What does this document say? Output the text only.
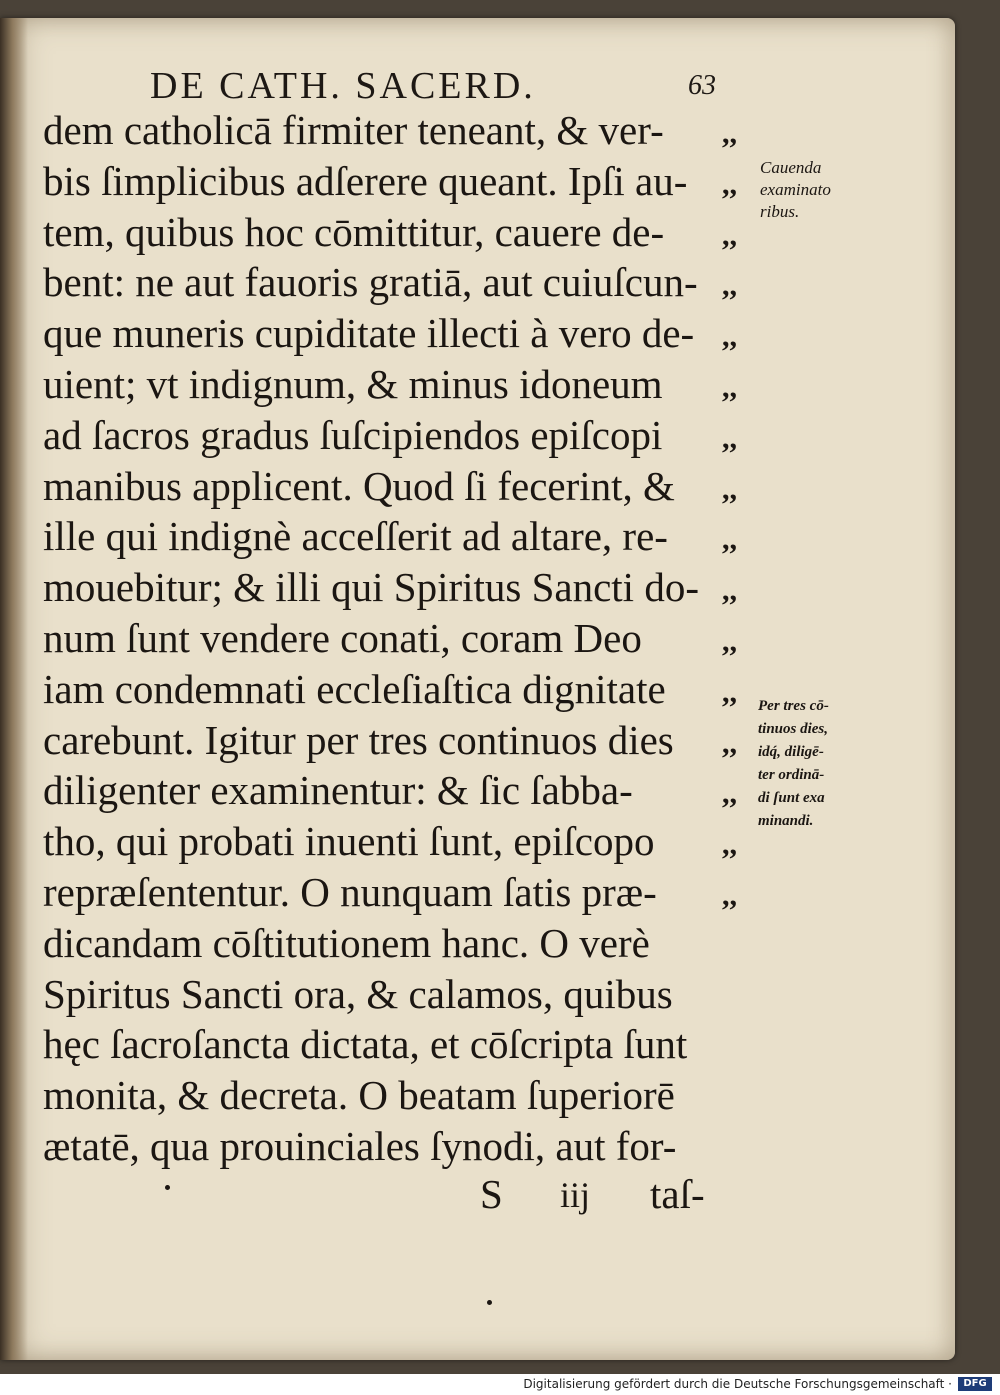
DE CATH. SACERD.	63
dem catholicā firmiter teneant, & ver-
bis ſimplicibus adſerere queant. Ipſi au-
tem, quibus hoc cōmittitur, cauere de-
bent: ne aut fauoris gratiā, aut cuiuſcun-
que muneris cupiditate illecti à vero de-
uient; vt indignum, & minus idoneum
ad ſacros gradus ſuſcipiendos epiſcopi
manibus applicent. Quod ſi fecerint, &
ille qui indignè acceſſerit ad altare, re-
mouebitur; & illi qui Spiritus Sancti do-
num ſunt vendere conati, coram Deo
iam condemnati eccleſiaſtica dignitate
carebunt. Igitur per tres continuos dies
diligenter examinentur: & ſic ſabba-
tho, qui probati inuenti ſunt, epiſcopo
repræſententur. O nunquam ſatis præ-
dicandam cōſtitutionem hanc. O verè
Spiritus Sancti ora, & calamos, quibus
hęc ſacroſancta dictata, et cōſcripta ſunt
monita, & decreta. O beatam ſuperiorē
ætatē, qua prouinciales ſynodi, aut for-
,,
,,
,,
,,
,,
,,
,,
,,
,,
,,
,,
,,
,,
,,
,,
,,
Cauenda
examinato
ribus.
Per tres cō-
tinuos dies,
idq́, diligē-
ter ordinā-
di ſunt exa
minandi.
S iij taſ-
Digitalisierung gefördert durch die Deutsche Forschungsgemeinschaft ·	DFG
